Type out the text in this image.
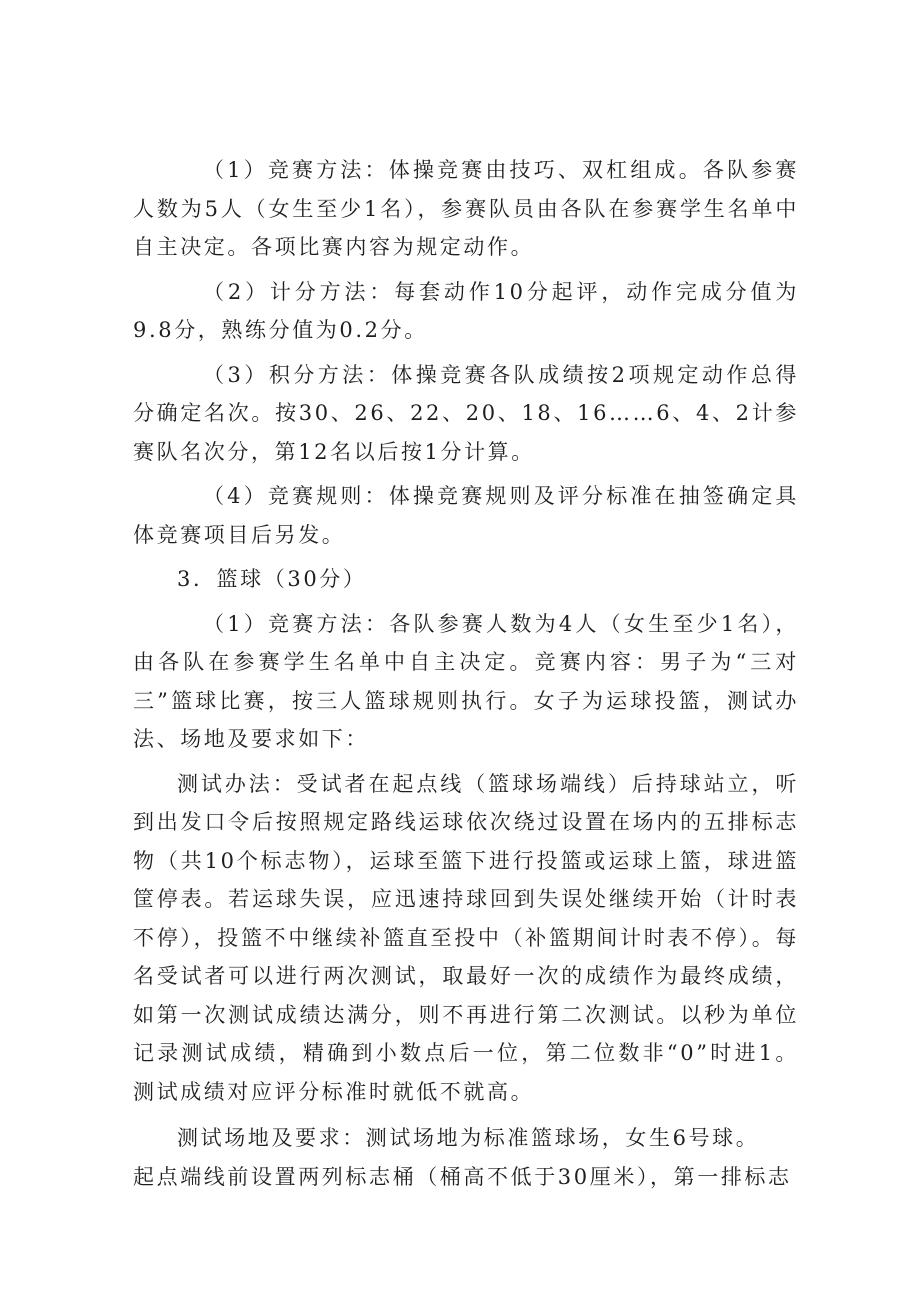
（1）竞赛方法：体操竞赛由技巧、双杠组成。各队参赛人数为5人（女生至少1名），参赛队员由各队在参赛学生名单中自主决定。各项比赛内容为规定动作。

（2）计分方法：每套动作10分起评，动作完成分值为9.8分，熟练分值为0.2分。

（3）积分方法：体操竞赛各队成绩按2项规定动作总得分确定名次。按30、26、22、20、18、16……6、4、2计参赛队名次分，第12名以后按1分计算。

（4）竞赛规则：体操竞赛规则及评分标准在抽签确定具体竞赛项目后另发。

3．篮球（30分）

（1）竞赛方法：各队参赛人数为4人（女生至少1名），由各队在参赛学生名单中自主决定。竞赛内容：男子为“三对三”篮球比赛，按三人篮球规则执行。女子为运球投篮，测试办法、场地及要求如下：

测试办法：受试者在起点线（篮球场端线）后持球站立，听到出发口令后按照规定路线运球依次绕过设置在场内的五排标志物（共10个标志物），运球至篮下进行投篮或运球上篮，球进篮筐停表。若运球失误，应迅速持球回到失误处继续开始（计时表不停），投篮不中继续补篮直至投中（补篮期间计时表不停）。每名受试者可以进行两次测试，取最好一次的成绩作为最终成绩，如第一次测试成绩达满分，则不再进行第二次测试。以秒为单位记录测试成绩，精确到小数点后一位，第二位数非“0”时进1。测试成绩对应评分标准时就低不就高。

测试场地及要求：测试场地为标准篮球场，女生6号球。

起点端线前设置两列标志桶（桶高不低于30厘米），第一排标志
